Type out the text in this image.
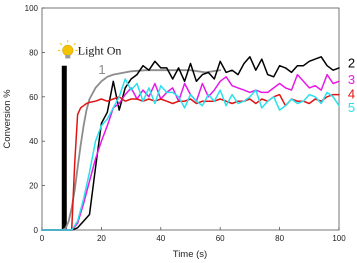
0	20	40	60	80	100
0
20
40
60
80
100
1	2
3
4
5
Light On
Time (s)
Conversion %
